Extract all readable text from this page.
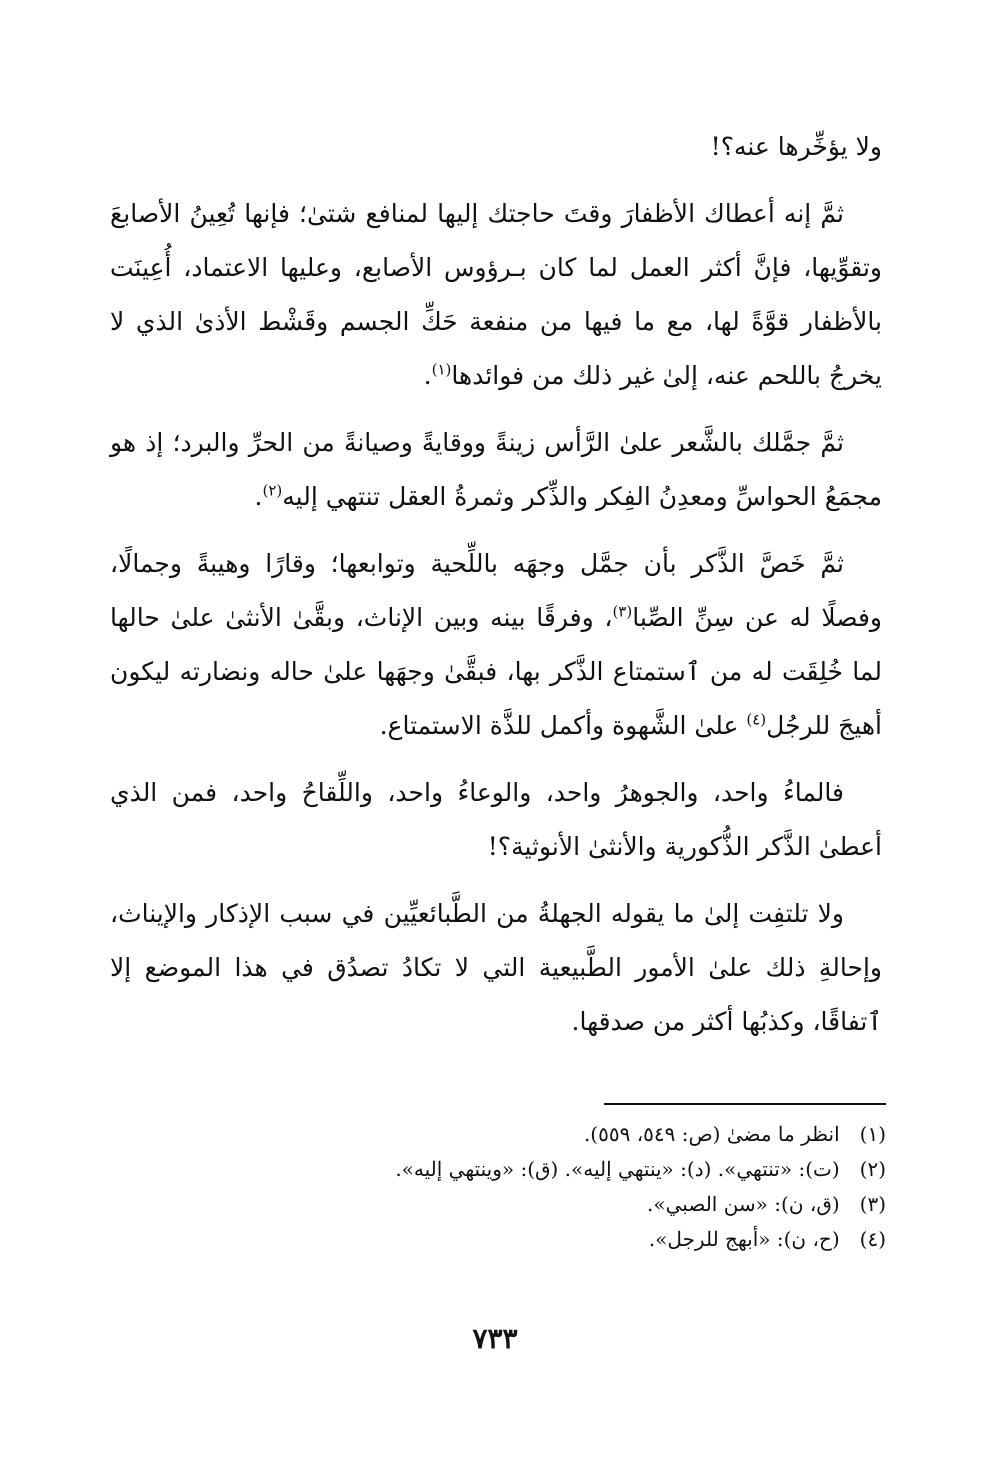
ولا يؤخِّرها عنه؟!

ثمَّ إنه أعطاك الأظفارَ وقتَ حاجتك إليها لمنافع شتىٰ؛ فإنها تُعِينُ الأصابعَ وتقوِّيها، فإنَّ أكثر العمل لما كان بـرؤوس الأصابع، وعليها الاعتماد، أُعِينَت بالأظفار قوَّةً لها، مع ما فيها من منفعة حَكِّ الجسم وقَشْط الأذىٰ الذي لا يخرجُ باللحم عنه، إلىٰ غير ذلك من فوائدها$^{(١)}$.

ثمَّ جمَّلك بالشَّعر علىٰ الرَّأس زينةً ووقايةً وصيانةً من الحرِّ والبرد؛ إذ هو مجمَعُ الحواسِّ ومعدِنُ الفِكر والذِّكر وثمرةُ العقل تنتهي إليه$^{(٢)}$.

ثمَّ خَصَّ الذَّكر بأن جمَّل وجهَه باللِّحية وتوابعها؛ وقارًا وهيبةً وجمالًا، وفصلًا له عن سِنِّ الصِّبا$^{(٣)}$، وفرقًا بينه وبين الإناث، وبقَّىٰ الأنثىٰ علىٰ حالها لما خُلِقَت له من ٱستمتاع الذَّكر بها، فبقَّىٰ وجهَها علىٰ حاله ونضارته ليكون أهيجَ للرجُل$^{(٤)}$ علىٰ الشَّهوة وأكمل للذَّة الاستمتاع.

فالماءُ واحد، والجوهرُ واحد، والوعاءُ واحد، واللِّقاحُ واحد، فمن الذي أعطىٰ الذَّكر الذُّكورية والأنثىٰ الأنوثية؟!

ولا تلتفِت إلىٰ ما يقوله الجهلةُ من الطَّبائعيِّين في سبب الإذكار والإيناث، وإحالةِ ذلك علىٰ الأمور الطَّبيعية التي لا تكادُ تصدُق في هذا الموضع إلا ٱتفاقًا، وكذبُها أكثر من صدقها.

(١) انظر ما مضىٰ (ص: ٥٤٩، ٥٥٩).
(٢) (ت): «تنتهي». (د): «ينتهي إليه». (ق): «وينتهي إليه».
(٣) (ق، ن): «سن الصبي».
(٤) (ح، ن): «أبهج للرجل».
٧٣٣
